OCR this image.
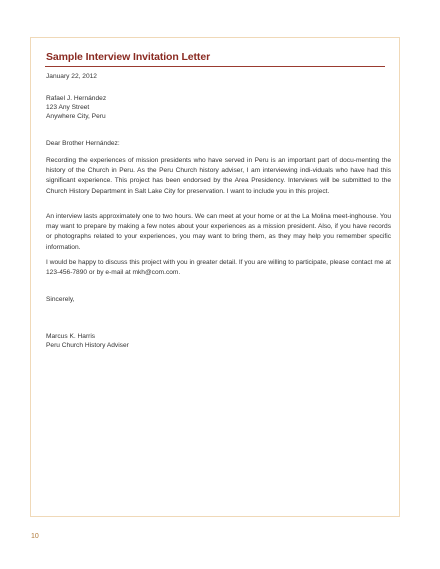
Sample Interview Invitation Letter
January 22, 2012
Rafael J. Hernández
123 Any Street
Anywhere City, Peru
Dear Brother Hernández:
Recording the experiences of mission presidents who have served in Peru is an important part of docu-menting the history of the Church in Peru. As the Peru Church history adviser, I am interviewing indi-viduals who have had this significant experience. This project has been endorsed by the Area Presidency. Interviews will be submitted to the Church History Department in Salt Lake City for preservation. I want to include you in this project.
An interview lasts approximately one to two hours. We can meet at your home or at the La Molina meet-inghouse. You may want to prepare by making a few notes about your experiences as a mission president. Also, if you have records or photographs related to your experiences, you may want to bring them, as they may help you remember specific information.
I would be happy to discuss this project with you in greater detail. If you are willing to participate, please contact me at 123-456-7890 or by e-mail at mkh@com.com.
Sincerely,
Marcus K. Harris
Peru Church History Adviser
10
